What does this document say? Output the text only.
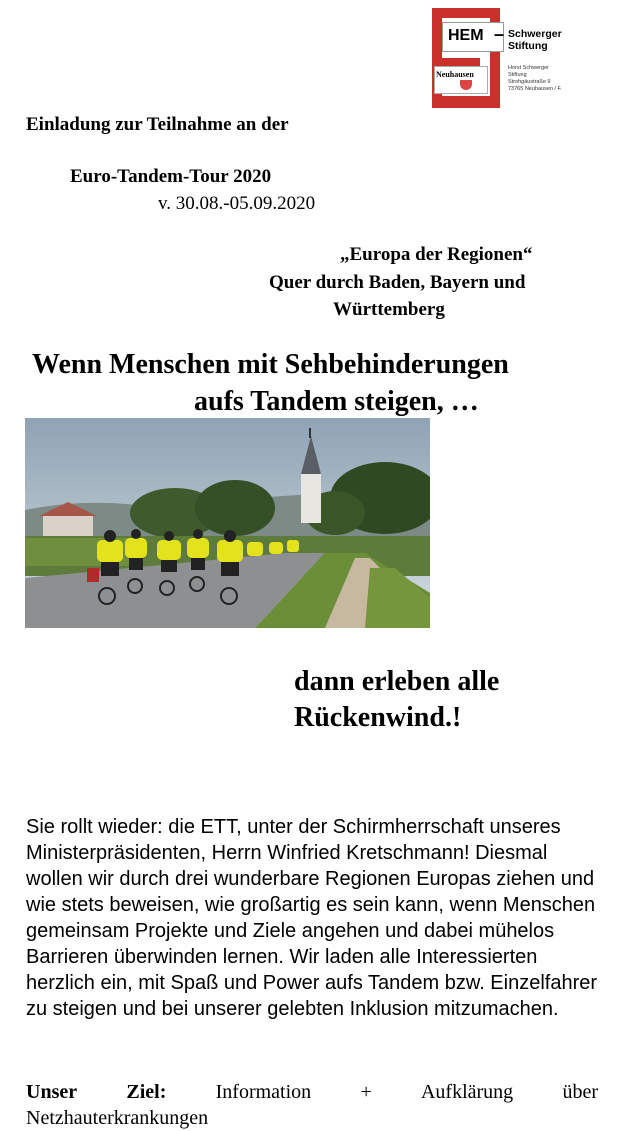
HEM – Schwerger
Stiftung
Neuhausen
Horst Schwerger
Stiftung
Strohgäustraße 9
73765 Neuhausen / F.
Einladung zur Teilnahme an der
Euro-Tandem-Tour 2020
v. 30.08.-05.09.2020
„Europa der Regionen“
Quer durch Baden, Bayern und
Württemberg
Wenn Menschen mit Sehbehinderungen
aufs Tandem steigen, …
dann erleben alle
Rückenwind.!

Sie rollt wieder: die ETT, unter der Schirmherrschaft unseres Ministerpräsidenten, Herrn Winfried Kretschmann! Diesmal wollen wir durch drei wunderbare Regionen Europas ziehen und wie stets beweisen, wie großartig es sein kann, wenn Menschen gemeinsam Projekte und Ziele angehen und dabei mühelos Barrieren überwinden lernen. Wir laden alle Interessierten herzlich ein, mit Spaß und Power aufs Tandem bzw. Einzelfahrer zu steigen und bei unserer gelebten Inklusion mitzumachen.

Unser Ziel: Information + Aufklärung über
Netzhauterkrankungen
